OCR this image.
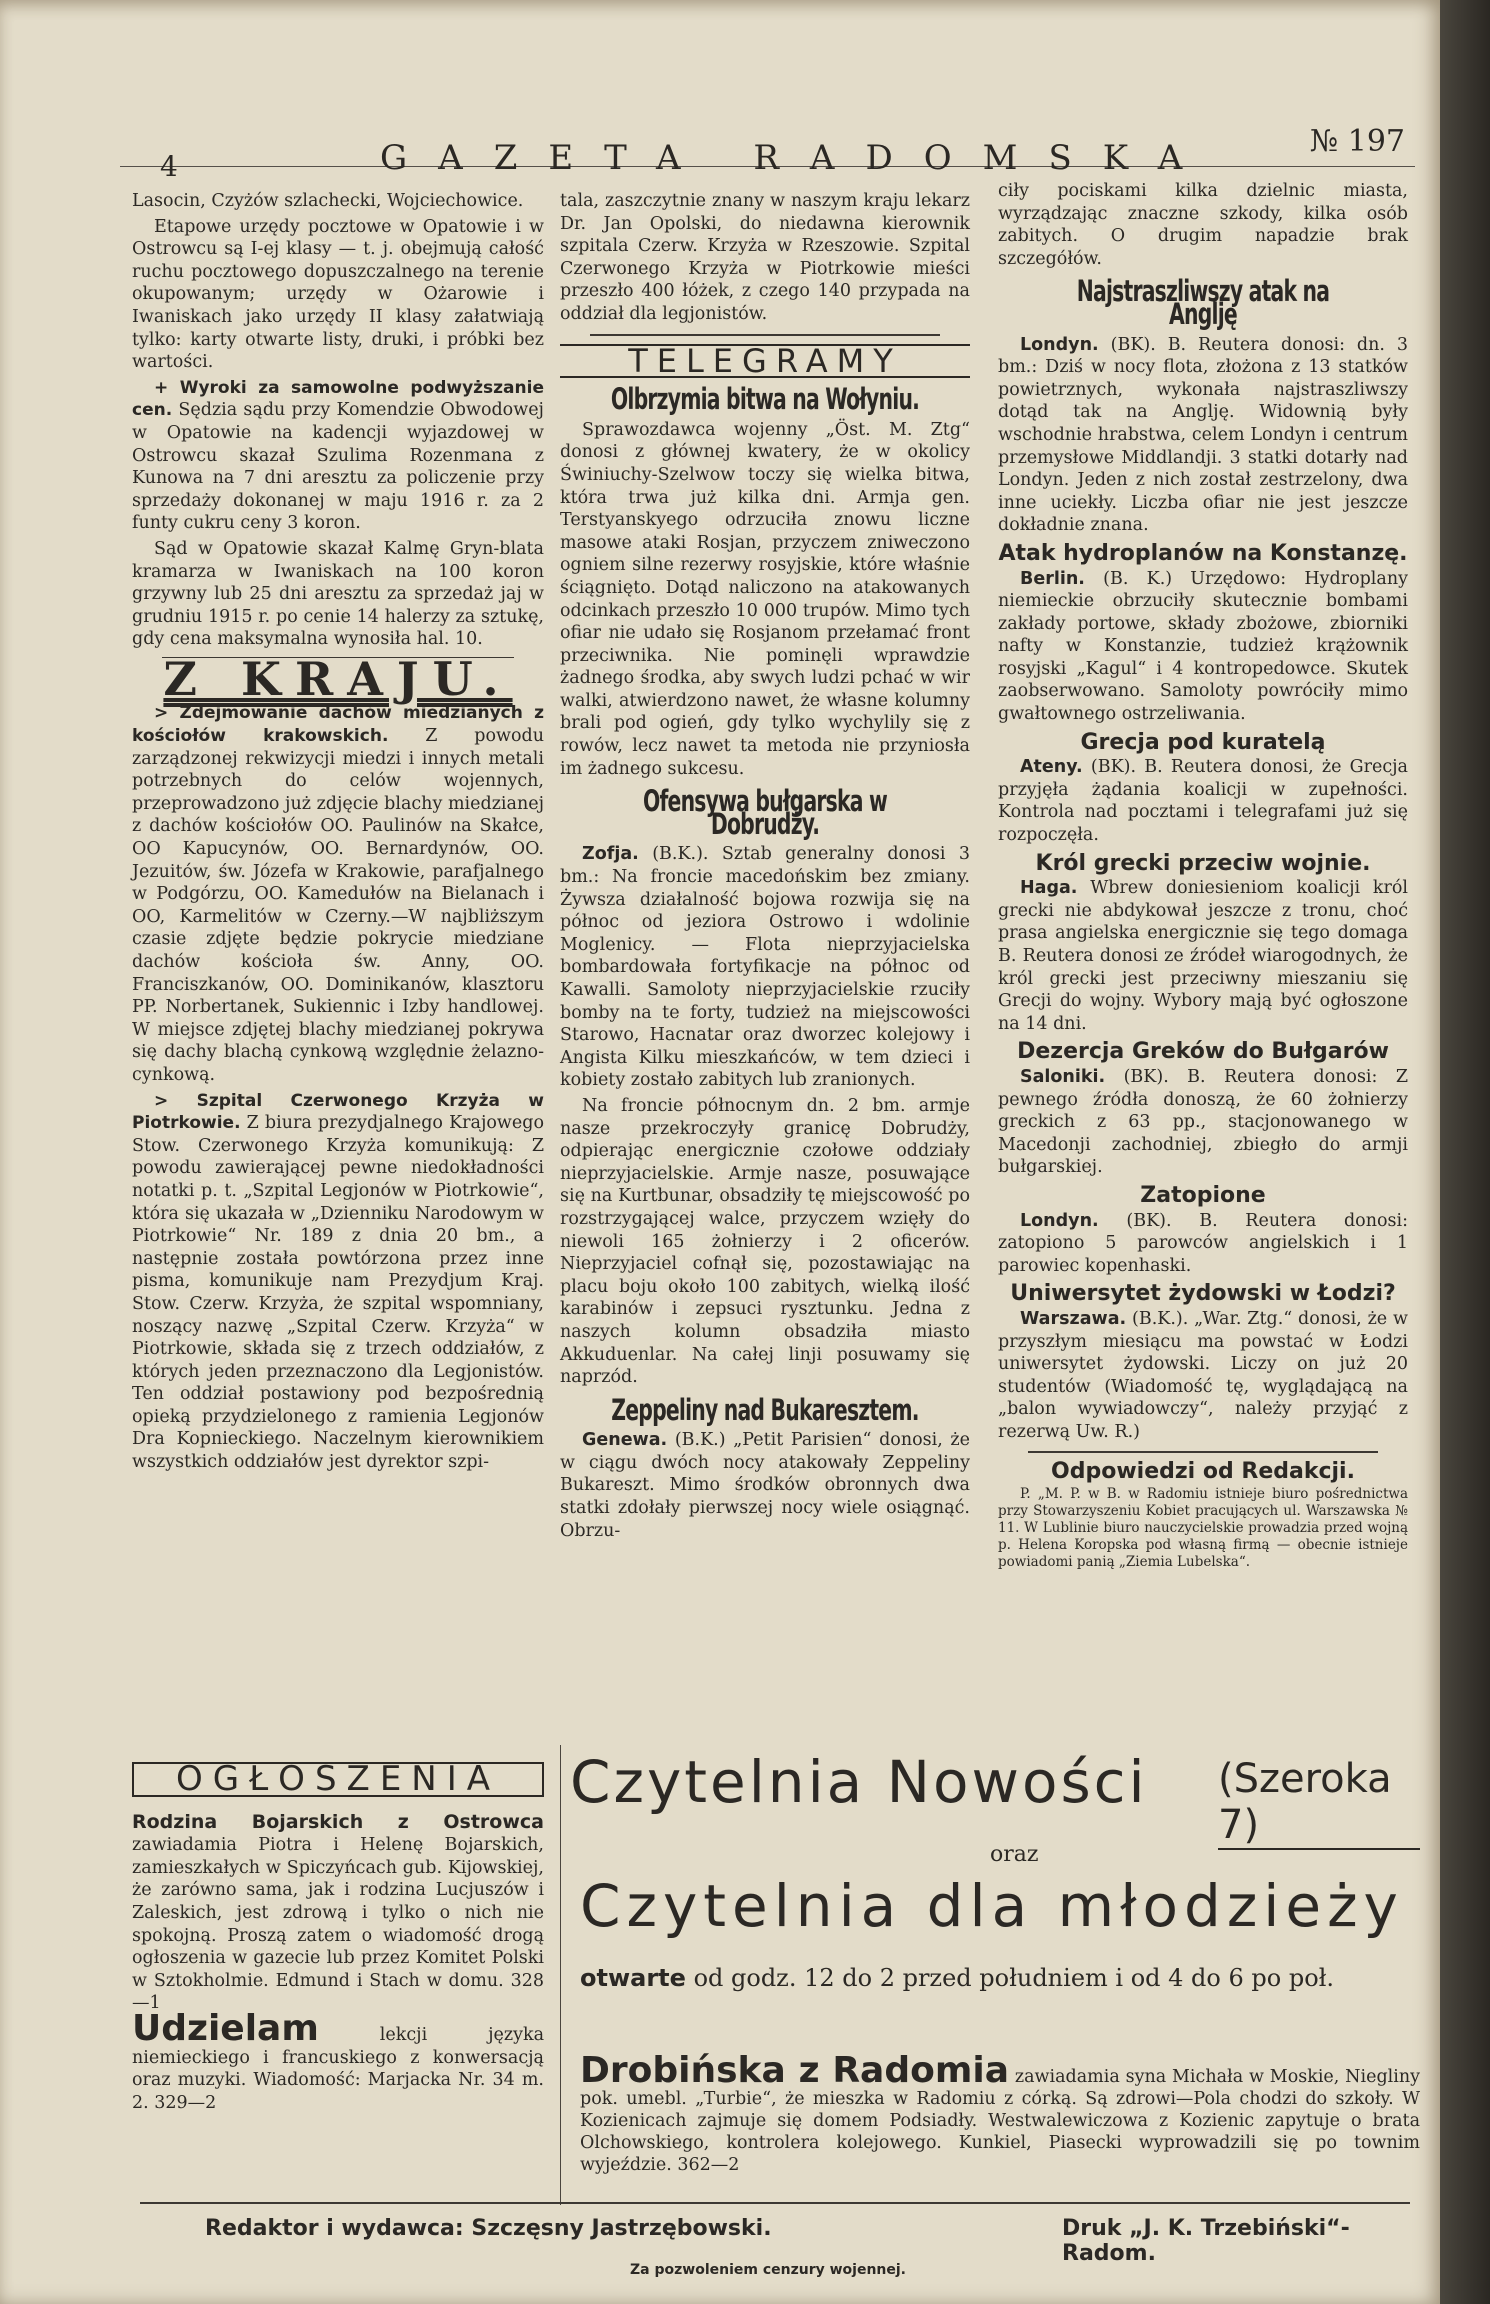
4	GAZETA RADOMSKA	№ 197

Lasocin, Czyżów szlachecki, Wojciechowice.

Etapowe urzędy pocztowe w Opatowie i w Ostrowcu są I-ej klasy — t. j. obejmują całość ruchu pocztowego dopuszczalnego na terenie okupowanym; urzędy w Ożarowie i Iwaniskach jako urzędy II klasy załatwiają tylko: karty otwarte listy, druki, i próbki bez wartości.

+ Wyroki za samowolne podwyższanie cen. Sędzia sądu przy Komendzie Obwodowej w Opatowie na kadencji wyjazdowej w Ostrowcu skazał Szulima Rozenmana z Kunowa na 7 dni aresztu za policzenie przy sprzedaży dokonanej w maju 1916 r. za 2 funty cukru ceny 3 koron.

Sąd w Opatowie skazał Kalmę Gryn-blata kramarza w Iwaniskach na 100 koron grzywny lub 25 dni aresztu za sprzedaż jaj w grudniu 1915 r. po cenie 14 halerzy za sztukę, gdy cena maksymalna wynosiła hal. 10.

Z KRAJU.

> Zdejmowanie dachów miedzianych z kościołów krakowskich. Z powodu zarządzonej rekwizycji miedzi i innych metali potrzebnych do celów wojennych, przeprowadzono już zdjęcie blachy miedzianej z dachów kościołów OO. Paulinów na Skałce, OO Kapucynów, OO. Bernardynów, OO. Jezuitów, św. Józefa w Krakowie, parafjalnego w Podgórzu, OO. Kamedułów na Bielanach i OO, Karmelitów w Czerny.—W najbliższym czasie zdjęte będzie pokrycie miedziane dachów kościoła św. Anny, OO. Franciszkanów, OO. Dominikanów, klasztoru PP. Norbertanek, Sukiennic i Izby handlowej. W miejsce zdjętej blachy miedzianej pokrywa się dachy blachą cynkową względnie żelazno-cynkową.

> Szpital Czerwonego Krzyża w Piotrkowie. Z biura prezydjalnego Krajowego Stow. Czerwonego Krzyża komunikują: Z powodu zawierającej pewne niedokładności notatki p. t. „Szpital Legjonów w Piotrkowie“, która się ukazała w „Dzienniku Narodowym w Piotrkowie“ Nr. 189 z dnia 20 bm., a następnie została powtórzona przez inne pisma, komunikuje nam Prezydjum Kraj. Stow. Czerw. Krzyża, że szpital wspomniany, noszący nazwę „Szpital Czerw. Krzyża“ w Piotrkowie, składa się z trzech oddziałów, z których jeden przeznaczono dla Legjonistów. Ten oddział postawiony pod bezpośrednią opieką przydzielonego z ramienia Legjonów Dra Kopnieckiego. Naczelnym kierownikiem wszystkich oddziałów jest dyrektor szpi-

tala, zaszczytnie znany w naszym kraju lekarz Dr. Jan Opolski, do niedawna kierownik szpitala Czerw. Krzyża w Rzeszowie. Szpital Czerwonego Krzyża w Piotrkowie mieści przeszło 400 łóżek, z czego 140 przypada na oddział dla legjonistów.

TELEGRAMY
Olbrzymia bitwa na Wołyniu.

Sprawozdawca wojenny „Öst. M. Ztg“ donosi z głównej kwatery, że w okolicy Świniuchy-Szelwow toczy się wielka bitwa, która trwa już kilka dni. Armja gen. Terstyanskyego odrzuciła znowu liczne masowe ataki Rosjan, przyczem zniweczono ogniem silne rezerwy rosyjskie, które właśnie ściągnięto. Dotąd naliczono na atakowanych odcinkach przeszło 10 000 trupów. Mimo tych ofiar nie udało się Rosjanom przełamać front przeciwnika. Nie pominęli wprawdzie żadnego środka, aby swych ludzi pchać w wir walki, atwierdzono nawet, że własne kolumny brali pod ogień, gdy tylko wychylily się z rowów, lecz nawet ta metoda nie przyniosła im żadnego sukcesu.

Ofensywa bułgarska w Dobrudży.

Zofja. (B.K.). Sztab generalny donosi 3 bm.: Na froncie macedońskim bez zmiany. Żywsza działalność bojowa rozwija się na północ od jeziora Ostrowo i wdolinie Moglenicy. — Flota nieprzyjacielska bombardowała fortyfikacje na północ od Kawalli. Samoloty nieprzyjacielskie rzuciły bomby na te forty, tudzież na miejscowości Starowo, Hacnatar oraz dworzec kolejowy i Angista Kilku mieszkańców, w tem dzieci i kobiety zostało zabitych lub zranionych.

Na froncie północnym dn. 2 bm. armje nasze przekroczyły granicę Dobrudży, odpierając energicznie czołowe oddziały nieprzyjacielskie. Armje nasze, posuwające się na Kurtbunar, obsadziły tę miejscowość po rozstrzygającej walce, przyczem wzięły do niewoli 165 żołnierzy i 2 oficerów. Nieprzyjaciel cofnął się, pozostawiając na placu boju około 100 zabitych, wielką ilość karabinów i zepsuci rysztunku. Jedna z naszych kolumn obsadziła miasto Akkuduenlar. Na całej linji posuwamy się naprzód.

Zeppeliny nad Bukaresztem.

Genewa. (B.K.) „Petit Parisien“ donosi, że w ciągu dwóch nocy atakowały Zeppeliny Bukareszt. Mimo środków obronnych dwa statki zdołały pierwszej nocy wiele osiągnąć. Obrzu-

ciły pociskami kilka dzielnic miasta, wyrządzając znaczne szkody, kilka osób zabitych. O drugim napadzie brak szczegółów.

Najstraszliwszy atak na Anglję

Londyn. (BK). B. Reutera donosi: dn. 3 bm.: Dziś w nocy flota, złożona z 13 statków powietrznych, wykonała najstraszliwszy dotąd tak na Anglję. Widownią były wschodnie hrabstwa, celem Londyn i centrum przemysłowe Middlandji. 3 statki dotarły nad Londyn. Jeden z nich został zestrzelony, dwa inne uciekły. Liczba ofiar nie jest jeszcze dokładnie znana.

Atak hydroplanów na Konstanzę.

Berlin. (B. K.) Urzędowo: Hydroplany niemieckie obrzuciły skutecznie bombami zakłady portowe, składy zbożowe, zbiorniki nafty w Konstanzie, tudzież krążownik rosyjski „Kagul“ i 4 kontropedowce. Skutek zaobserwowano. Samoloty powróciły mimo gwałtownego ostrzeliwania.

Grecja pod kuratelą

Ateny. (BK). B. Reutera donosi, że Grecja przyjęła żądania koalicji w zupełności. Kontrola nad pocztami i telegrafami już się rozpoczęła.

Król grecki przeciw wojnie.

Haga. Wbrew doniesieniom koalicji król grecki nie abdykował jeszcze z tronu, choć prasa angielska energicznie się tego domaga B. Reutera donosi ze źródeł wiarogodnych, że król grecki jest przeciwny mieszaniu się Grecji do wojny. Wybory mają być ogłoszone na 14 dni.

Dezercja Greków do Bułgarów

Saloniki. (BK). B. Reutera donosi: Z pewnego źródła donoszą, że 60 żołnierzy greckich z 63 pp., stacjonowanego w Macedonji zachodniej, zbiegło do armji bułgarskiej.

Zatopione

Londyn. (BK). B. Reutera donosi: zatopiono 5 parowców angielskich i 1 parowiec kopenhaski.

Uniwersytet żydowski w Łodzi?

Warszawa. (B.K.). „War. Ztg.“ donosi, że w przyszłym miesiącu ma powstać w Łodzi uniwersytet żydowski. Liczy on już 20 studentów (Wiadomość tę, wyglądającą na „balon wywiadowczy“, należy przyjąć z rezerwą Uw. R.)

Odpowiedzi od Redakcji.

P. „M. P. w B. w Radomiu istnieje biuro pośrednictwa przy Stowarzyszeniu Kobiet pracujących ul. Warszawska № 11. W Lublinie biuro nauczycielskie prowadzia przed wojną p. Helena Koropska pod własną firmą — obecnie istnieje powiadomi panią „Ziemia Lubelska“.

OGŁOSZENIA

Rodzina Bojarskich z Ostrowca zawiadamia Piotra i Helenę Bojarskich, zamieszkałych w Spiczyńcach gub. Kijowskiej, że zarówno sama, jak i rodzina Lucjuszów i Zaleskich, jest zdrową i tylko o nich nie spokojną. Proszą zatem o wiadomość drogą ogłoszenia w gazecie lub przez Komitet Polski w Sztokholmie. Edmund i Stach w domu. 328—1

Udzielam	lekcji języka niemieckiego i francuskiego z konwersacją oraz muzyki. Wiadomość: Marjacka Nr. 34 m. 2. 329—2

Czytelnia Nowości	(Szeroka 7)
oraz
Czytelnia dla młodzieży
otwarte od godz. 12 do 2 przed południem i od 4 do 6 po poł.

Drobińska z Radomia zawiadamia syna Michała w Moskie, Niegliny pok. umebl. „Turbie“, że mieszka w Radomiu z córką. Są zdrowi—Pola chodzi do szkoły. W Kozienicach zajmuje się domem Podsiadły. Westwalewiczowa z Kozienic zapytuje o brata Olchowskiego, kontrolera kolejowego. Kunkiel, Piasecki wyprowadzili się po townim wyjeździe. 362—2

Redaktor i wydawca: Szczęsny Jastrzębowski.	Druk „J. K. Trzebiński“-Radom.
Za pozwoleniem cenzury wojennej.
